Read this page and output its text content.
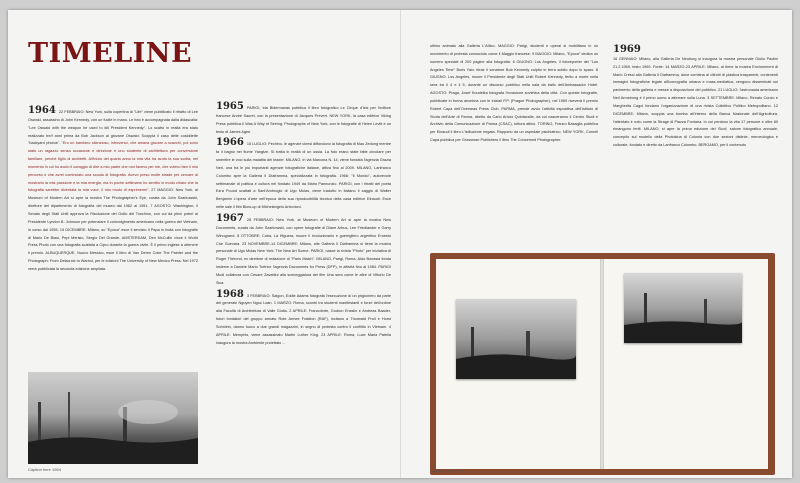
TIMELINE

1964 22 FEBBRAIO: New York, sulla copertina di "Life" viene pubblicato il ritratto di Lee Oswald, assassino di John Kennedy, con un fucile in mano. Le foto è accompagnata dalla didascalia: "Lee Oswald with the weapon he used to kill President Kennedy". Lo scatto in realtà era stato realizzato tre/f anni prima da Bob Jackson al giovane Oswald. Scoppia il caso delle cosiddette "backyard photos". "Ero un bambino silenzioso, introverso, che amava giocare a scacchi, poi sono stato un ragazzo senza occasione e direzione e uno studente di architettura per conversione familiare, perché figlio di architetti. All'inizio del quarto anno la mia vita ha avuto la sua svolta, nel momento in cui ho avuto il coraggio di dire a mio padre che non facevo per me, che volevo fare il mio percorso e che avrei cominciato una scuola di fotografia. Avevo preso molte strade per cercare di mostrarlo la mia passione e la mia energia, ma in poche settimane ho sentito in modo chiaro che la fotografia sarebbe diventata la mia voce, il mio modo di esprimermi". 27 MAGGIO: New York, al Museum of Modern Art si apre la mostra The Photographer's Eye, curata da John Szarkowski, direttore del dipartimento di fotografia del museo dal 1962 al 1991. 7 AGOSTO: Washington, il Senato degli Stati Uniti approva la Risoluzione del Golfo del Tonchino, con cui dà pieni poteri al Presidente Lyndon B. Johnson per potenziare il coinvolgimento americano nella guerra del Vietnam, in corso dal 1955. 15 DICEMBRE: Milano, su "Epoca" esce il servizio Il Papa in India con fotografie di Mario De Biasi, Pepi Merisio, Sergio Del Grande. AMSTERDAM, Den McCullin vince il World Press Photo con una fotografia scattata a Cipro durante la guerra civile. È il primo inglese a ottenere il premio. ALBUQUERQUE, Nuovo Messico, esce Il libro di Van Deren Coke The Painter and the Photograph: From Delacroix to Warhol, per le edizioni The University of New Mexico Press. Nel 1972 verrà pubblicata la seconda edizione ampliata.

Caption here 1964

1965 PARIGI, Ida Bidermanas pubblica il libro fotografico Le Cirque d'Izis per l'editore francese André Sauret, con la presentazione di Jacques Prévert. NEW YORK, la casa editrice Viking Press pubblica Il Was A Way of Seeing: Photographs of New York, con le fotografie di Helen Levitt e un testo di James Agee.

1966 15 LUGLIO: Pechino, le agenzie cinesi diffondono la fotografia di Mao Zedong mentre fa il bagno nel fiume Yangtze. Si tratta in realtà di un ossia. La foto erano state fatte circolare per smentire le voci sulla malattia del leader. MILANO, in via Marcona N. 14, viene fondata l'agenzia Grazia Neri, una tra le più importanti agenzie fotografiche italiane, attiva fino al 2009. MILANO, Lanfranco Colombo apre la Galleria Il Diaframma, specializzata in fotografia. 1966: "Il Mondo", autorevole settimanale di politica e cultura nel fondato 1949 da Mario Pannunzio. PARIGI, con i ritratti del poeta Ezra Pound scattati a Sant'Ambrogio di Ugo Mulas, viene tradotto in italiano il saggio di Walter Benjamin L'opera d'arte nell'epoca della sua riproducibilità tecnica della casa editrice Einaudi. Esce nelle sale il film Blow-up di Michelangelo Antonioni.

1967 28 FEBBRAIO: New York, al Museum of Modern Art si apre la mostra New Documents, curata da John Szarkowski, con opere fotografie di Diane Arbus, Lee Friedlander e Garry Winogrand. 8 OTTOBRE: Cuba, La Higuera, muore il rivoluzionario e guerrigliero argentino Ernesto Che Guevara. 23 NOVEMBRE-14 DICEMBRE: Milano, alle Galleria Il Diaframma si tiene la mostra personale di Ugo Mulas New York: The New Art Scene. PARIGI, nasce la rivista "Photo" per iniziativa di Roger Thérond, ex direttore di redazione di "Paris Match". MILANO, Parigi, Roma, Aldo Bonasia fonda insieme a Daniele Mario Tortrice l'agenzia Documents for Press (DFP), in attività fino al 1984. PARIGI Mudi collabora con Cesare Zavattini alla sceneggiatura del film Una sera come le altre di Vittorio De Sica.

1968 3 FEBBRAIO: Saigon, Eddie Adams fotografa l'esecuzione di un prigioniero da parte del generale Nguyen Ngoc Loan. 1 MARZO: Roma, scontri tra studenti manifestanti e forze dell'ordine alla Facoltà di Architettura di Valle Giulia. 2 APRILE: Francoforte, Gudrun Ensslin e Andreas Baader, futuri fondatori del gruppo armato Rote Armee Fraktion (RAF), incitano a Thorwald Proll e Horst Sohnlein, danno fuoco a due grandi magazzini, in segno di protesta contro il conflitto in Vietnam. 4 APRILE: Memphis, viene assassinato Martin Luther King. 23 APRILE: Roma, Luce Maria Patella inaugura la mostra Ambiente proiettato ...

ultimo animato alla Galleria L'Attico. MAGGIO: Parigi, studenti e operai si mobilitano in un movimento di protesta conosciuto come il Maggio francese. 9 MAGGIO: Milano, "Epoca" dedica un numero speciale di 200 pagine alla fotografia. 6 GIUGNO: Los Angeles, il fotoreporter del "Los Angeles Time" Boris Yaro ritrae il senatore Bob Kennedy colpito in terra subito dopo lo sparo. 8 GIUGNO: Los Angeles, muore il Presidente degli Stati Uniti Robert Kennedy, ferito a morte nella sera tra il 4 e il 5, durante un discorso pubblico nella sala da ballo dell'Ambassador Hotel. AGOSTO: Praga, Josef Koudelka fotografa l'invasione sovietica della città. Con queste fotografie, pubblicate in forma anonima con le iniziali P.P. (Prague Photographer), nel 1969 riceverà il premio Robert Capa dell'Overseas Press Club. PARMA, prende avvio l'attività espositiva dell'Istituto di Storia dell'Arte di Parma, diretto da Carlo Arturo Quintavalle, da cui nasceranno il Centro Studi e Archivio della Comunicazione di Parma (CSAC), tuttora attivo. TORINO, Franco Basaglia pubblica per Einaudi il libro L'istituzione negata. Rapporto da un ospedale psichiatrico. NEW YORK, Cornell Capa pubblica per Grossman Publishers il libro The Concerned Photographer.

1969
16 GENNAIO: Milano, alla Galleria De Neuburg si inaugura la mostra personale Giulio Paolini 21.2.1969, testo 1969. Fonte: 14 MARZO-23 APRILE: Milano, al tiene la mostra Environment di Mario Cresci alla Galleria Il Diaframma, dove combina al cilindri di plastica trasparenti, contenenti immagini fotografiche legate all'iconografia urbana e mass-mediatica, vengono disseminati sul pavimento della galleria e messe a disposizione del pubblico. 21 LUGLIO: l'astronauta americano Neil Armstrong è il primo uomo a atterrare sulla Luna. 3 SETTEMBRE: Milano, Renato Curcio e Margherita Cagol fondano l'organizzazione di una rivista Collettivo Politico Metropolitano. 12 DICEMBRE: Milano, scoppia una bomba all'interno della Banca Nazionale dell'Agricoltura, l'attentato è noto come la Strage di Piazza Fontana. In cui perdono la vita 17 persone e oltre 80 rimangono feriti. MILANO, si apre la prima edizione del Sicof, salone fotografico annuale, concepito sul modello della Photokina di Colonia con due sezioni distinte, merceologica e culturale, fondato e diretto da Lanfranco Colombo. BERGAMO, per il contenuto

Caption here 1924
